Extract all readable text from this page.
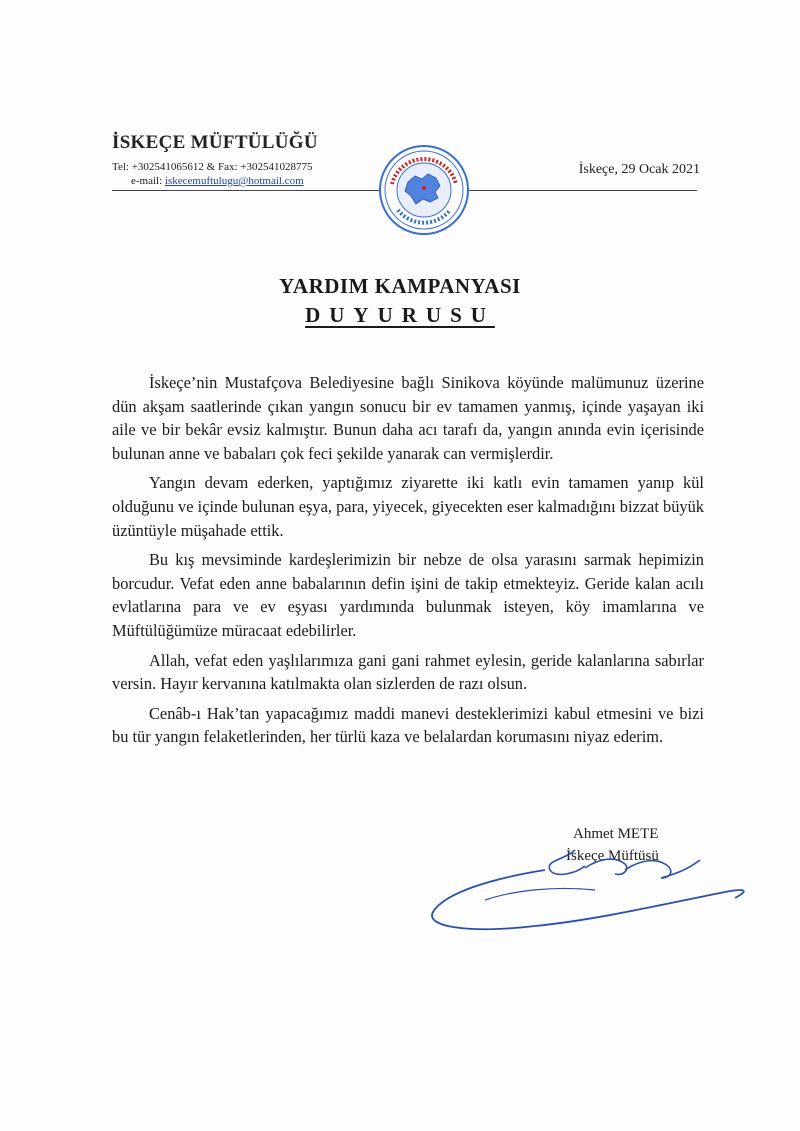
İSKEÇE MÜFTÜLÜĞÜ
Tel: +302541065612 & Fax: +302541028775
e-mail: iskecemuftulugu@hotmail.com
İskeçe, 29 Ocak 2021
YARDIM KAMPANYASI
DUYURUSU

İskeçe’nin Mustafçova Belediyesine bağlı Sinikova köyünde malümunuz üzerine dün akşam saatlerinde çıkan yangın sonucu bir ev tamamen yanmış, içinde yaşayan iki aile ve bir bekâr evsiz kalmıştır. Bunun daha acı tarafı da, yangın anında evin içerisinde bulunan anne ve babaları çok feci şekilde yanarak can vermişlerdir.

Yangın devam ederken, yaptığımız ziyarette iki katlı evin tamamen yanıp kül olduğunu ve içinde bulunan eşya, para, yiyecek, giyecekten eser kalmadığını bizzat büyük üzüntüyle müşahade ettik.

Bu kış mevsiminde kardeşlerimizin bir nebze de olsa yarasını sarmak hepimizin borcudur. Vefat eden anne babalarının defin işini de takip etmekteyiz. Geride kalan acılı evlatlarına para ve ev eşyası yardımında bulunmak isteyen, köy imamlarına ve Müftülüğümüze müracaat edebilirler.

Allah, vefat eden yaşlılarımıza gani gani rahmet eylesin, geride kalanlarına sabırlar versin. Hayır kervanına katılmakta olan sizlerden de razı olsun.

Cenâb-ı Hak’tan yapacağımız maddi manevi desteklerimizi kabul etmesini ve bizi bu tür yangın felaketlerinden, her türlü kaza ve belalardan korumasını niyaz ederim.

Ahmet METE
İskeçe Müftüsü
